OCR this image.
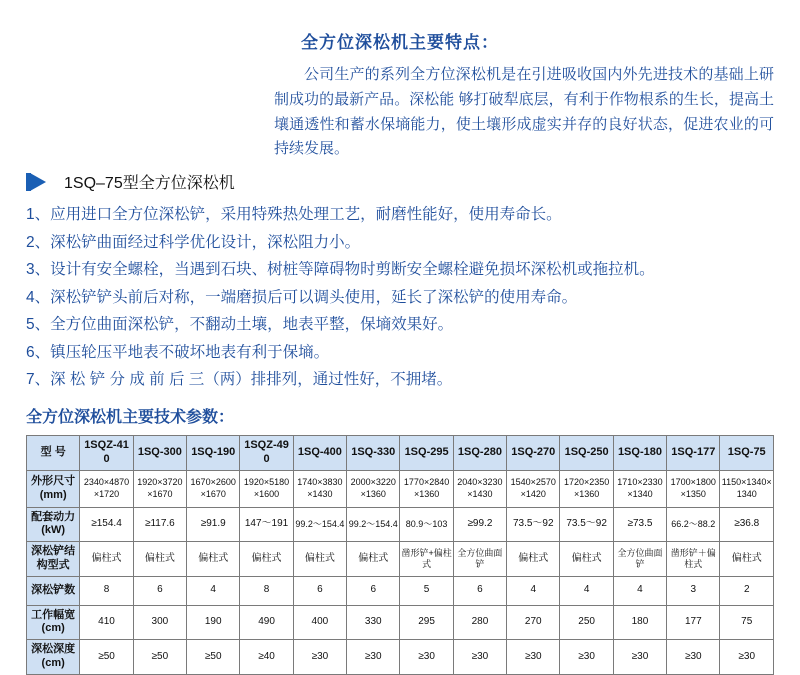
全方位深松机主要特点：

公司生产的系列全方位深松机是在引进吸收国内外先进技术的基础上研制成功的最新产品。深松能 够打破犁底层，有利于作物根系的生长，提高土壤通透性和蓄水保墒能力，使土壤形成虚实并存的良好状态，促进农业的可持续发展。

1SQ–75型全方位深松机
1、应用进口全方位深松铲，采用特殊热处理工艺，耐磨性能好，使用寿命长。
2、深松铲曲面经过科学优化设计，深松阻力小。
3、设计有安全螺栓，当遇到石块、树桩等障碍物时剪断安全螺栓避免损坏深松机或拖拉机。
4、深松铲铲头前后对称，一端磨损后可以调头使用，延长了深松铲的使用寿命。
5、全方位曲面深松铲，不翻动土壤，地表平整，保墒效果好。
6、镇压轮压平地表不破坏地表有利于保墒。
7、深 松 铲 分 成 前 后 三（两）排排列，通过性好，不拥堵。
全方位深松机主要技术参数：
型 号	1SQZ-410	1SQ-300	1SQ-190	1SQZ-490	1SQ-400	1SQ-330	1SQ-295	1SQ-280	1SQ-270	1SQ-250	1SQ-180	1SQ-177	1SQ-75
外形尺寸(mm)	2340×4870×1720	1920×3720×1670	1670×2600×1670	1920×5180×1600	1740×3830×1430	2000×3220×1360	1770×2840×1360	2040×3230×1430	1540×2570×1420	1720×2350×1360	1710×2330×1340	1700×1800×1350	1150×1340×1340
配套动力(kW)	≥154.4	≥117.6	≥91.9	147～191	99.2～154.4	99.2～154.4	80.9～103	≥99.2	73.5～92	73.5～92	≥73.5	66.2～88.2	≥36.8
深松铲结构型式	偏柱式	偏柱式	偏柱式	偏柱式	偏柱式	偏柱式	凿形铲+偏柱式	全方位曲面铲	偏柱式	偏柱式	全方位曲面铲	凿形铲＋偏柱式	偏柱式
深松铲数	8	6	4	8	6	6	5	6	4	4	4	3	2
工作幅宽(cm)	410	300	190	490	400	330	295	280	270	250	180	177	75
深松深度(cm)	≥50	≥50	≥50	≥40	≥30	≥30	≥30	≥30	≥30	≥30	≥30	≥30	≥30
